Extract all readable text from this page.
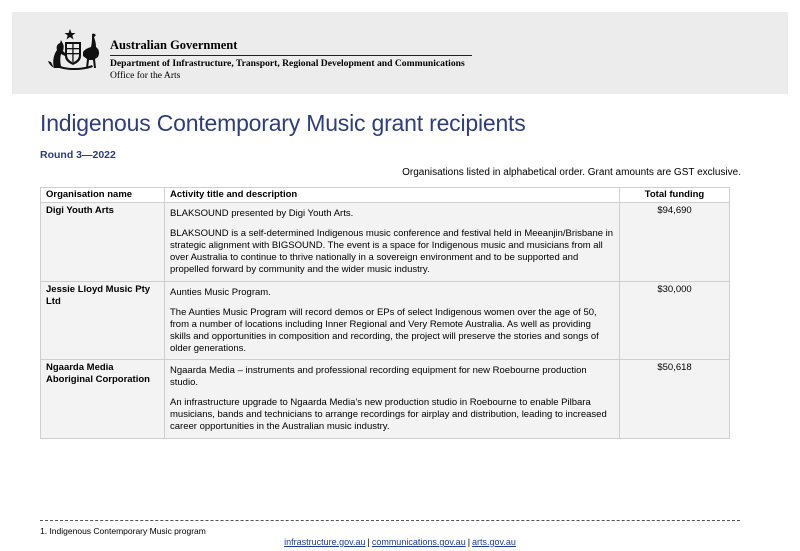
Australian Government
Department of Infrastructure, Transport, Regional Development and Communications
Office for the Arts
Indigenous Contemporary Music grant recipients
Round 3—2022
Organisations listed in alphabetical order. Grant amounts are GST exclusive.
Organisation name	Activity title and description	Total funding
Digi Youth Arts	BLAKSOUND presented by Digi Youth Arts.

BLAKSOUND is a self-determined Indigenous music conference and festival held in Meeanjin/Brisbane in strategic alignment with BIGSOUND. The event is a space for Indigenous music and musicians from all over Australia to continue to thrive nationally in a sovereign environment and to be supported and propelled forward by community and the wider music industry.	$94,690
Jessie Lloyd Music Pty Ltd	Aunties Music Program.

The Aunties Music Program will record demos or EPs of select Indigenous women over the age of 50, from a number of locations including Inner Regional and Very Remote Australia. As well as providing skills and opportunities in composition and recording, the project will preserve the stories and songs of older generations.	$30,000
Ngaarda Media Aboriginal Corporation	Ngaarda Media – instruments and professional recording equipment for new Roebourne production studio.

An infrastructure upgrade to Ngaarda Media’s new production studio in Roebourne to enable Pilbara musicians, bands and technicians to arrange recordings for airplay and distribution, leading to increased career opportunities in the Australian music industry.	$50,618
1. Indigenous Contemporary Music program
infrastructure.gov.au | communications.gov.au | arts.gov.au
